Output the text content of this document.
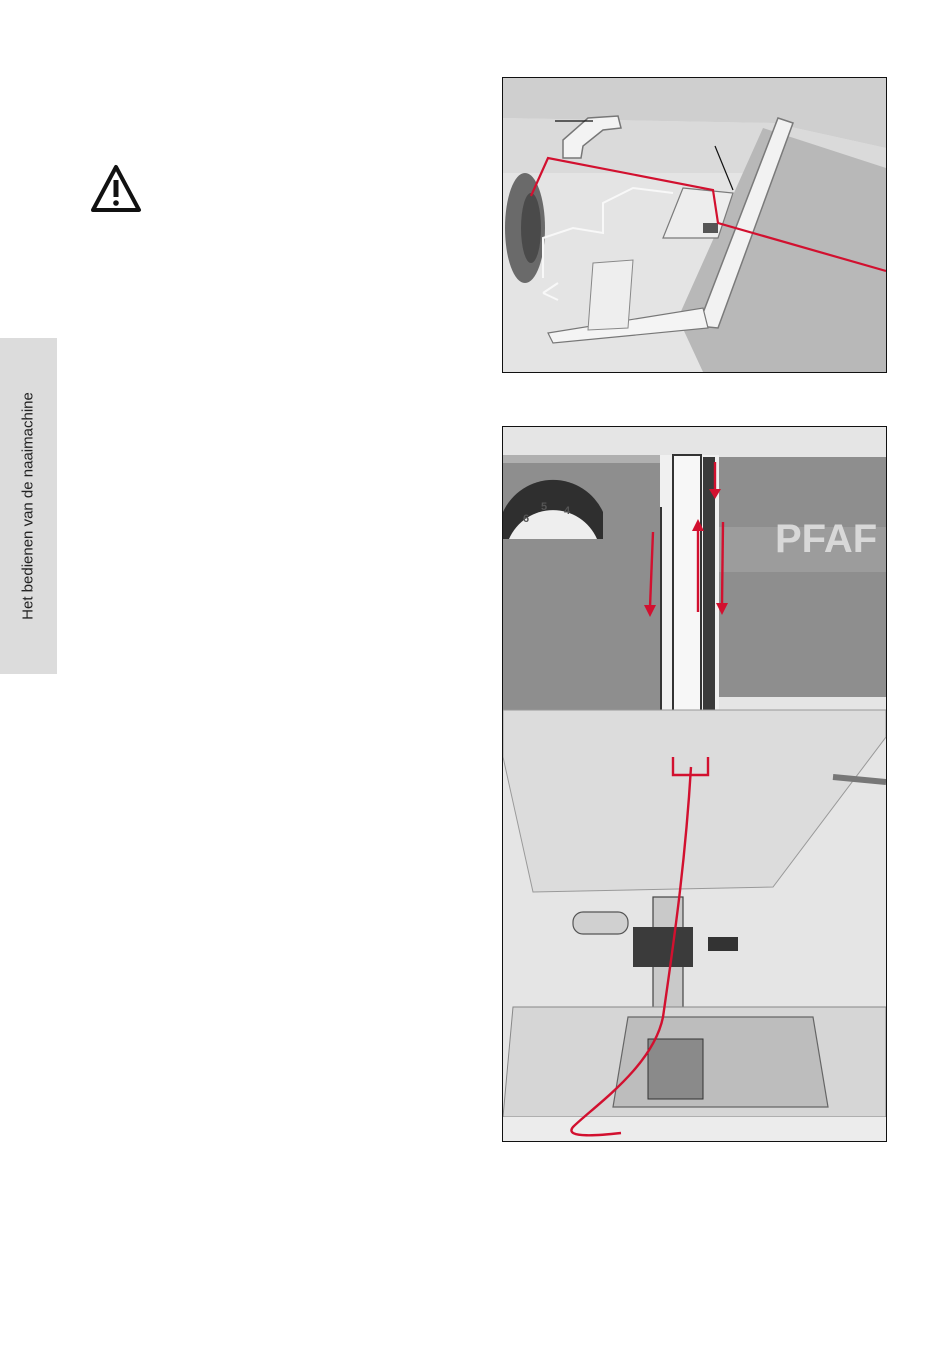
Het bedienen van de naaimachine	6
5 4
PFAF
